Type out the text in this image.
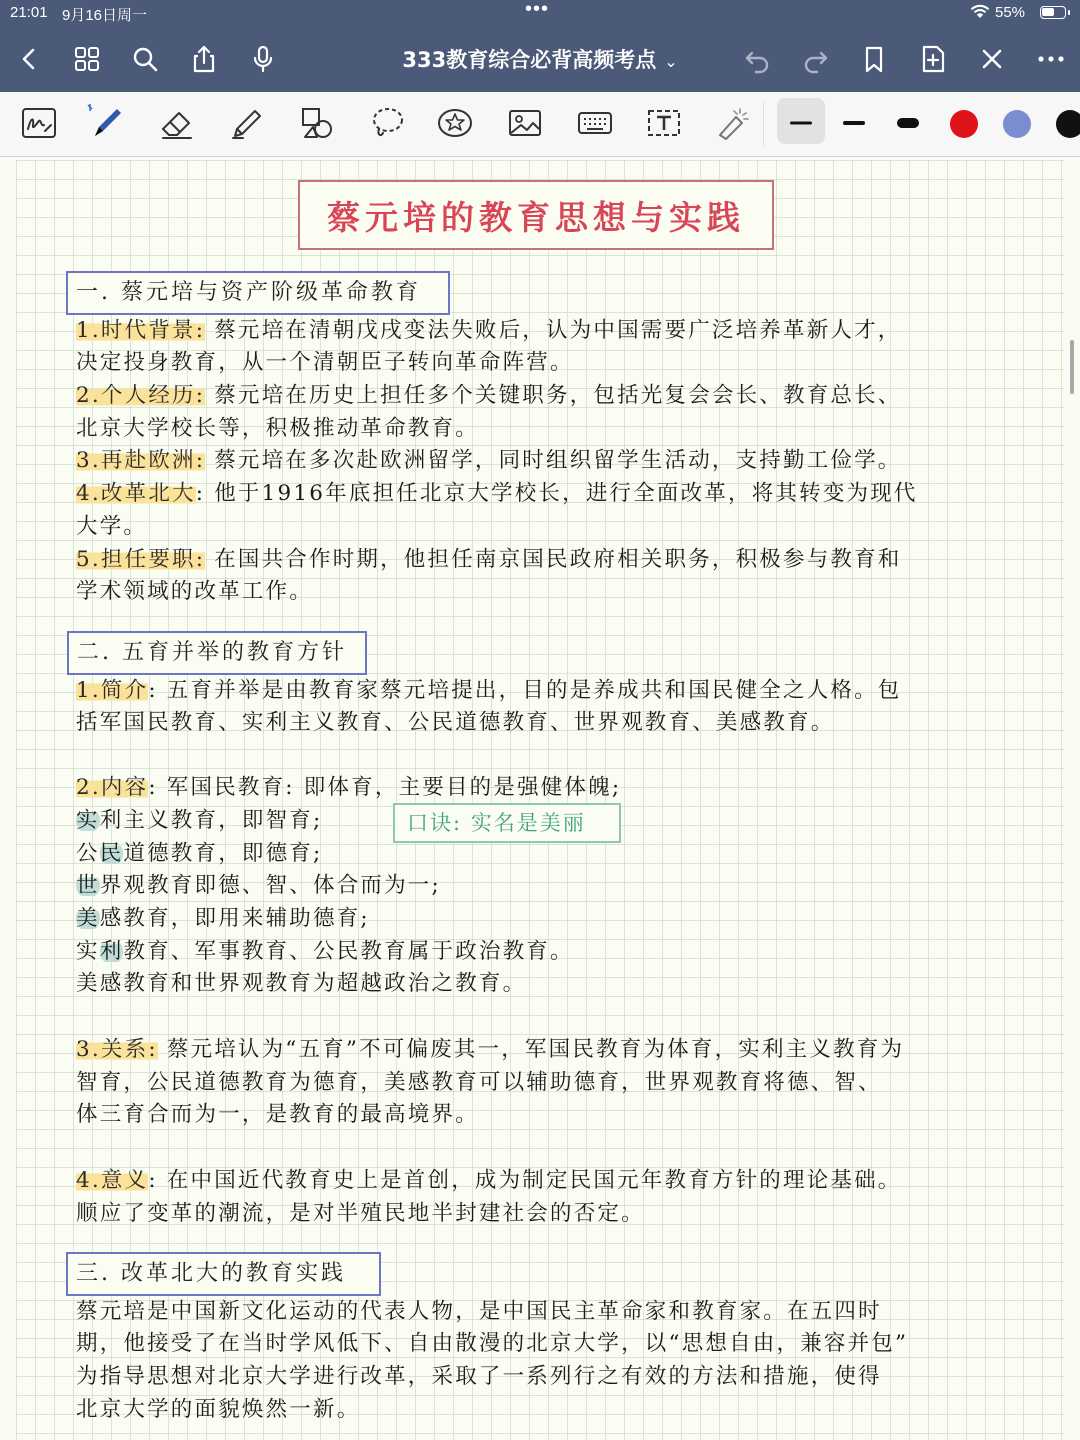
21:01 9月16日周一	•••	55%
333教育综合必背高频考点 ⌄
蔡元培的教育思想与实践
一. 蔡元培与资产阶级革命教育
1.时代背景: 蔡元培在清朝戊戌变法失败后，认为中国需要广泛培养革新人才，
决定投身教育，从一个清朝臣子转向革命阵营。
2.个人经历: 蔡元培在历史上担任多个关键职务，包括光复会会长、教育总长、
北京大学校长等，积极推动革命教育。
3.再赴欧洲: 蔡元培在多次赴欧洲留学，同时组织留学生活动，支持勤工俭学。
4.改革北大: 他于1916年底担任北京大学校长，进行全面改革，将其转变为现代
大学。
5.担任要职: 在国共合作时期，他担任南京国民政府相关职务，积极参与教育和
学术领域的改革工作。
二. 五育并举的教育方针
1.简介: 五育并举是由教育家蔡元培提出，目的是养成共和国民健全之人格。包
括军国民教育、实利主义教育、公民道德教育、世界观教育、美感教育。
2.内容: 军国民教育: 即体育，主要目的是强健体魄;
实利主义教育，即智育;
公民道德教育，即德育;
世界观教育即德、智、体合而为一;
美感教育，即用来辅助德育;
实利教育、军事教育、公民教育属于政治教育。
美感教育和世界观教育为超越政治之教育。
口诀: 实名是美丽
3.关系: 蔡元培认为“五育”不可偏废其一，军国民教育为体育，实利主义教育为
智育，公民道德教育为德育，美感教育可以辅助德育，世界观教育将德、智、
体三育合而为一，是教育的最高境界。
4.意义: 在中国近代教育史上是首创，成为制定民国元年教育方针的理论基础。
顺应了变革的潮流，是对半殖民地半封建社会的否定。
三. 改革北大的教育实践
蔡元培是中国新文化运动的代表人物，是中国民主革命家和教育家。在五四时
期，他接受了在当时学风低下、自由散漫的北京大学，以“思想自由，兼容并包”
为指导思想对北京大学进行改革，采取了一系列行之有效的方法和措施，使得
北京大学的面貌焕然一新。
